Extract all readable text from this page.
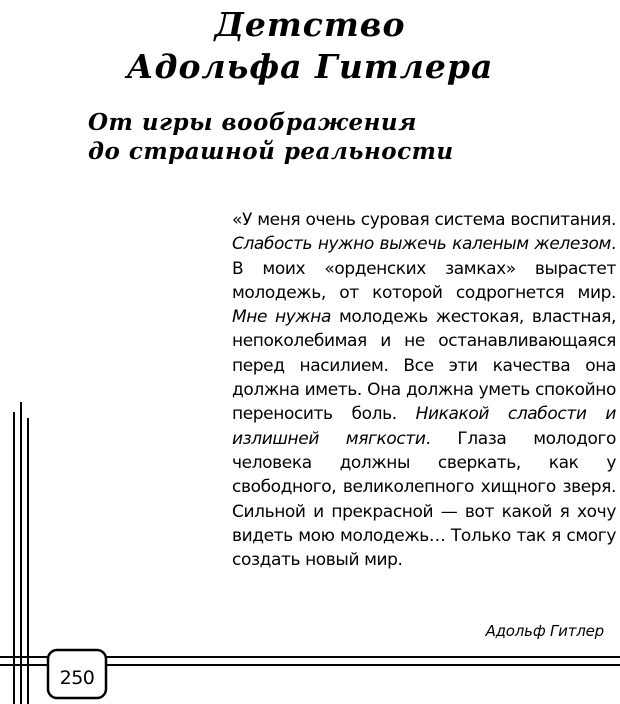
Детство
Адольфа Гитлера
От игры воображения
до страшной реальности
«У меня очень суровая система воспитания. Слабость нужно выжечь каленым железом. В моих «орденских замках» вырастет молодежь, от которой содрогнется мир. Мне нужна молодежь жестокая, властная, непоколебимая и не останавливающаяся перед насилием. Все эти качества она должна иметь. Она должна уметь спокойно переносить боль. Никакой слабости и излишней мягкости. Глаза молодого человека должны сверкать, как у свободного, великолепного хищного зверя. Сильной и прекрасной — вот какой я хочу видеть мою молодежь… Только так я смогу создать новый мир.
Адольф Гитлер
250
